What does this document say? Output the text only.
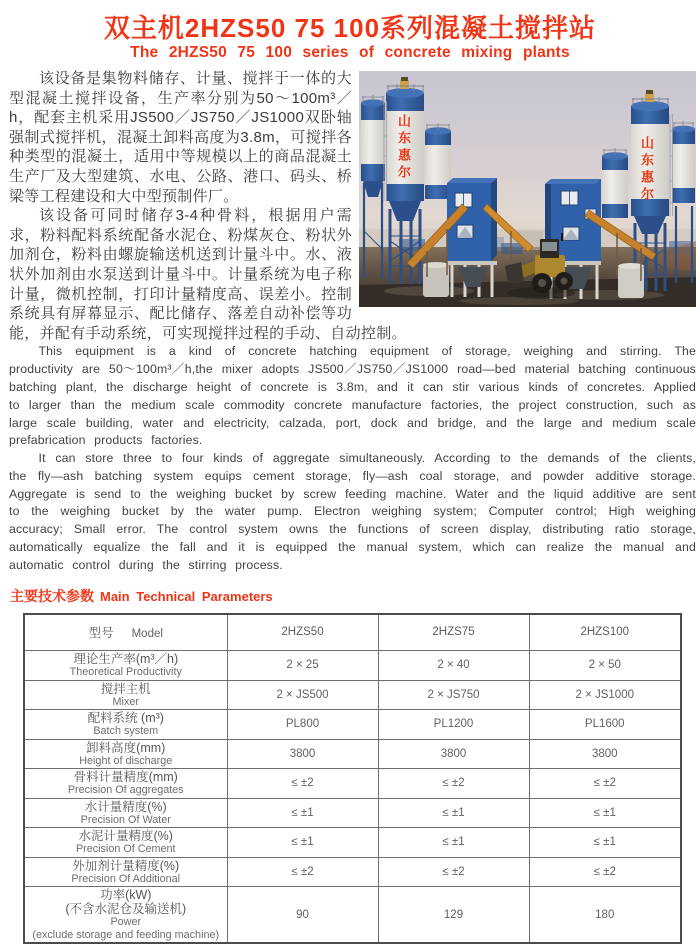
双主机2HZS50 75 100系列混凝土搅拌站
The 2HZS50 75 100 series of concrete mixing plants
山东惠尔	山东惠尔

该设备是集物料储存、计量、搅拌于一体的大型混凝土搅拌设备，生产率分别为50～100m³／h，配套主机采用JS500／JS750／JS1000双卧轴强制式搅拌机，混凝土卸料高度为3.8m，可搅拌各种类型的混凝土，适用中等规模以上的商品混凝土生产厂及大型建筑、水电、公路、港口、码头、桥梁等工程建设和大中型预制件厂。

该设备可同时储存3-4种骨料，根据用户需求，粉料配料系统配备水泥仓、粉煤灰仓、粉状外加剂仓，粉料由螺旋输送机送到计量斗中。水、液状外加剂由水泵送到计量斗中。计量系统为电子称计量，微机控制，打印计量精度高、误差小。控制系统具有屏幕显示、配比储存、落差自动补偿等功能，并配有手动系统，可实现搅拌过程的手动、自动控制。

This equipment is a kind of concrete hatching equipment of storage, weighing and stirring. The productivity are 50～100m³／h,the mixer adopts JS500／JS750／JS1000 road—bed material batching continuous batching plant, the discharge height of concrete is 3.8m, and it can stir various kinds of concretes. Applied to larger than the medium scale commodity concrete manufacture factories, the project construction, such as large scale building, water and electricity, calzada, port, dock and bridge, and the large and medium scale prefabrication products factories.

It can store three to four kinds of aggregate simultaneously. According to the demands of the clients, the fly—ash batching system equips cement storage, fly—ash coal storage, and powder additive storage. Aggregate is send to the weighing bucket by screw feeding machine. Water and the liquid additive are sent to the weighing bucket by the water pump. Electron weighing system; Computer control; High weighing accuracy; Small error. The control system owns the functions of screen display, distributing ratio storage, automatically equalize the fall and it is equipped the manual system, which can realize the manual and automatic control during the stirring process.

主要技术参数 Main Technical Parameters
型号 Model	2HZS50	2HZS75	2HZS100

理论生产率(m³／h)
Theoretical Productivity	2 × 25	2 × 40	2 × 50

搅拌主机
Mixer	2 × JS500	2 × JS750	2 × JS1000

配料系统 (m³)
Batch system	PL800	PL1200	PL1600

卸料高度(mm)
Height of discharge	3800	3800	3800

骨料计量精度(mm)
Precision Of aggregates	≤ ±2	≤ ±2	≤ ±2

水计量精度(%)
Precision Of Water	≤ ±1	≤ ±1	≤ ±1

水泥计量精度(%)
Precision Of Cement	≤ ±1	≤ ±1	≤ ±1

外加剂计量精度(%)
Precision Of Additional	≤ ±2	≤ ±2	≤ ±2

功率(kW)
(不含水泥仓及输送机)
Power
(exclude storage and feeding machine)	90	129	180
